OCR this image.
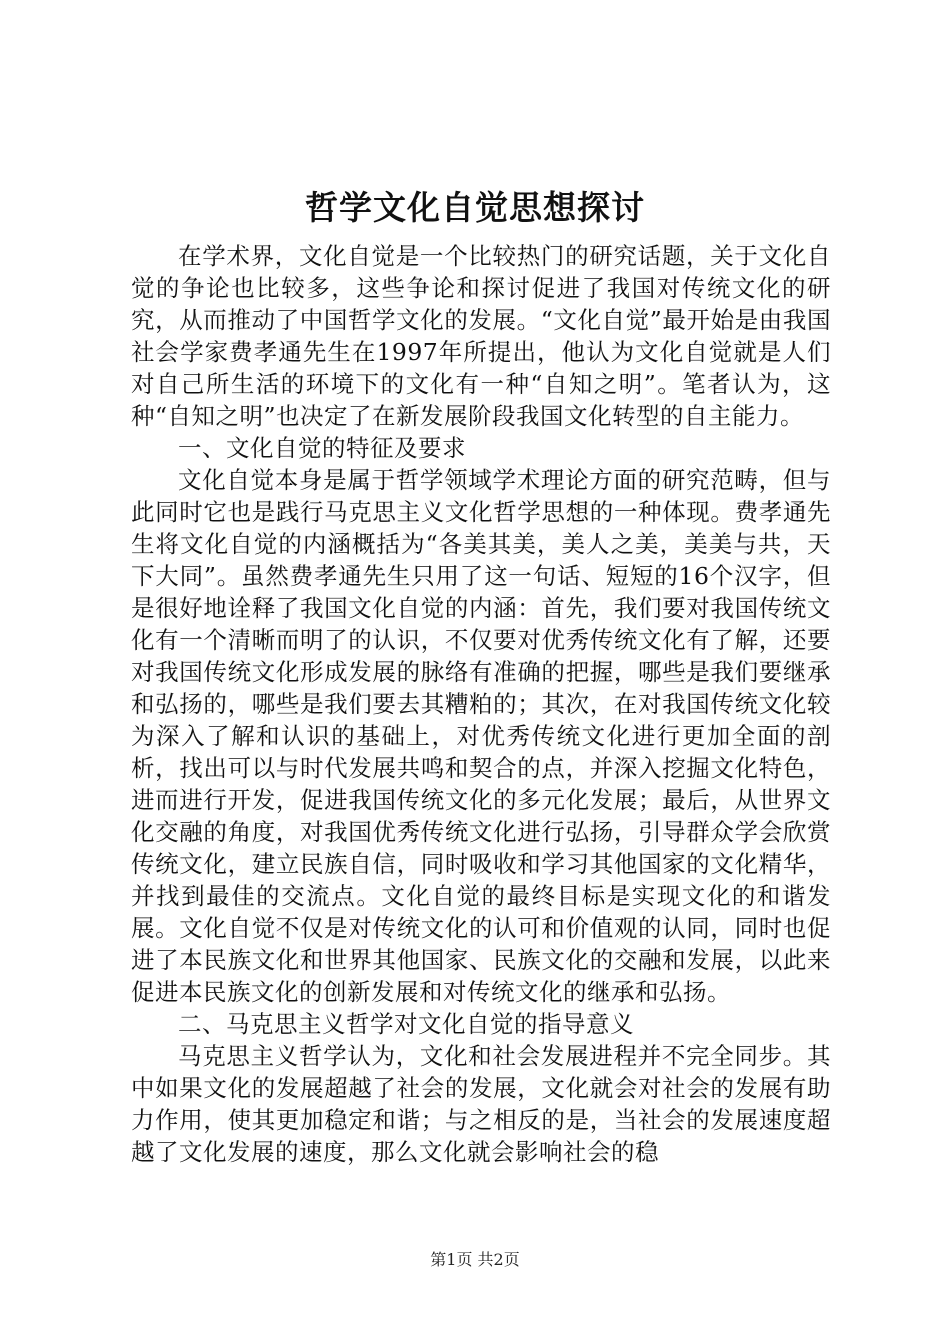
哲学文化自觉思想探讨

在学术界，文化自觉是一个比较热门的研究话题，关于文化自觉的争论也比较多，这些争论和探讨促进了我国对传统文化的研究，从而推动了中国哲学文化的发展。“文化自觉”最开始是由我国社会学家费孝通先生在1997年所提出，他认为文化自觉就是人们对自己所生活的环境下的文化有一种“自知之明”。笔者认为，这种“自知之明”也决定了在新发展阶段我国文化转型的自主能力。

一、文化自觉的特征及要求

文化自觉本身是属于哲学领域学术理论方面的研究范畴，但与此同时它也是践行马克思主义文化哲学思想的一种体现。费孝通先生将文化自觉的内涵概括为“各美其美，美人之美，美美与共，天下大同”。虽然费孝通先生只用了这一句话、短短的16个汉字，但是很好地诠释了我国文化自觉的内涵：首先，我们要对我国传统文化有一个清晰而明了的认识，不仅要对优秀传统文化有了解，还要对我国传统文化形成发展的脉络有准确的把握，哪些是我们要继承和弘扬的，哪些是我们要去其糟粕的；其次，在对我国传统文化较为深入了解和认识的基础上，对优秀传统文化进行更加全面的剖析，找出可以与时代发展共鸣和契合的点，并深入挖掘文化特色，进而进行开发，促进我国传统文化的多元化发展；最后，从世界文化交融的角度，对我国优秀传统文化进行弘扬，引导群众学会欣赏传统文化，建立民族自信，同时吸收和学习其他国家的文化精华，并找到最佳的交流点。文化自觉的最终目标是实现文化的和谐发展。文化自觉不仅是对传统文化的认可和价值观的认同，同时也促进了本民族文化和世界其他国家、民族文化的交融和发展，以此来促进本民族文化的创新发展和对传统文化的继承和弘扬。

二、马克思主义哲学对文化自觉的指导意义

马克思主义哲学认为，文化和社会发展进程并不完全同步。其中如果文化的发展超越了社会的发展，文化就会对社会的发展有助力作用，使其更加稳定和谐；与之相反的是，当社会的发展速度超越了文化发展的速度，那么文化就会影响社会的稳

第1页 共2页
